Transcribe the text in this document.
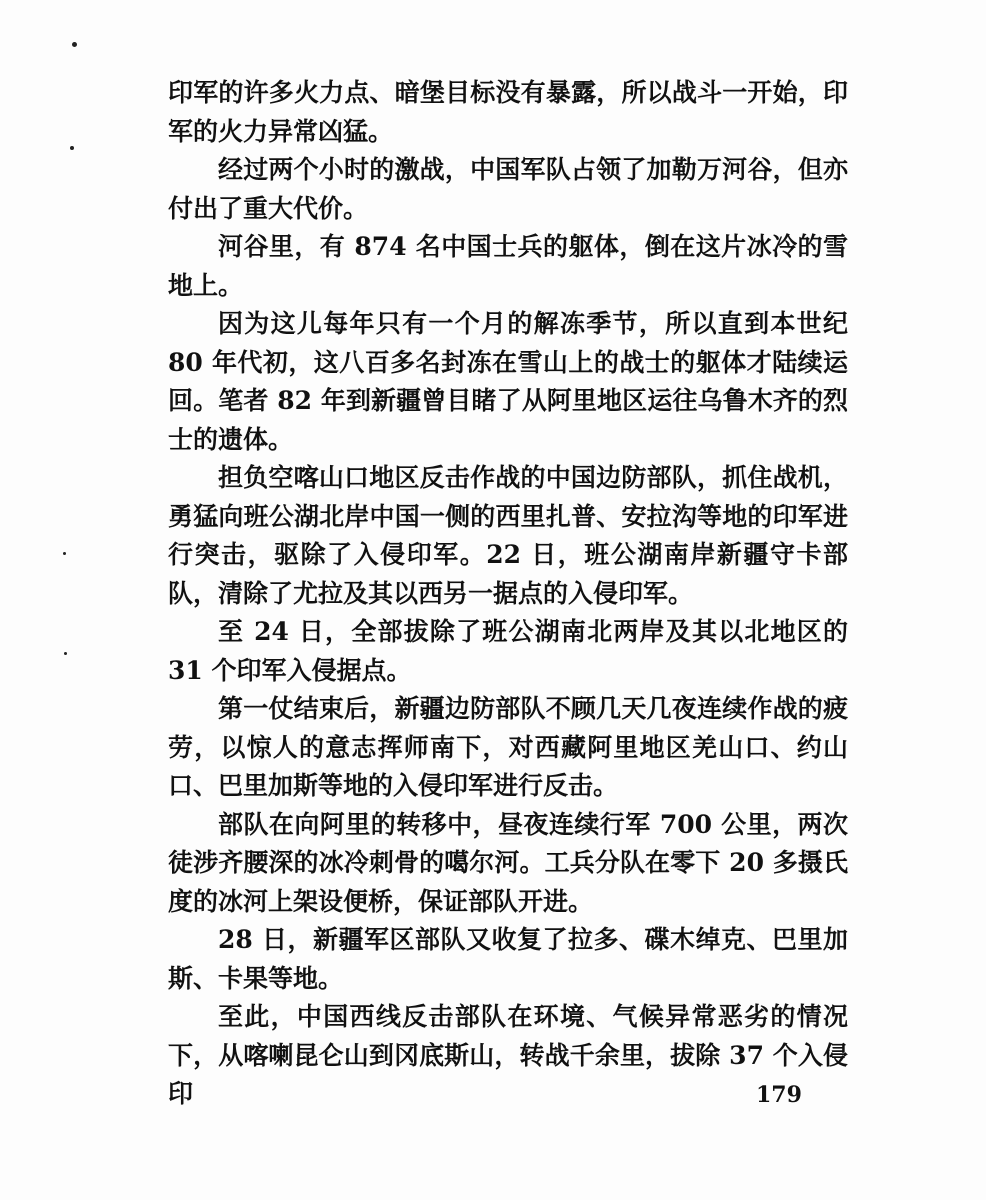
印军的许多火力点、暗堡目标没有暴露，所以战斗一开始，印军的火力异常凶猛。

经过两个小时的激战，中国军队占领了加勒万河谷，但亦付出了重大代价。

河谷里，有 874 名中国士兵的躯体，倒在这片冰冷的雪地上。

因为这儿每年只有一个月的解冻季节，所以直到本世纪80 年代初，这八百多名封冻在雪山上的战士的躯体才陆续运回。笔者 82 年到新疆曾目睹了从阿里地区运往乌鲁木齐的烈士的遗体。

担负空喀山口地区反击作战的中国边防部队，抓住战机，勇猛向班公湖北岸中国一侧的西里扎普、安拉沟等地的印军进行突击，驱除了入侵印军。22 日，班公湖南岸新疆守卡部队，清除了尤拉及其以西另一据点的入侵印军。

至 24 日，全部拔除了班公湖南北两岸及其以北地区的31 个印军入侵据点。

第一仗结束后，新疆边防部队不顾几天几夜连续作战的疲劳，以惊人的意志挥师南下，对西藏阿里地区羌山口、约山口、巴里加斯等地的入侵印军进行反击。

部队在向阿里的转移中，昼夜连续行军 700 公里，两次徒涉齐腰深的冰冷刺骨的噶尔河。工兵分队在零下 20 多摄氏度的冰河上架设便桥，保证部队开进。

28 日，新疆军区部队又收复了拉多、碟木绰克、巴里加斯、卡果等地。

至此，中国西线反击部队在环境、气候异常恶劣的情况下，从喀喇昆仑山到冈底斯山，转战千余里，拔除 37 个入侵印	179
